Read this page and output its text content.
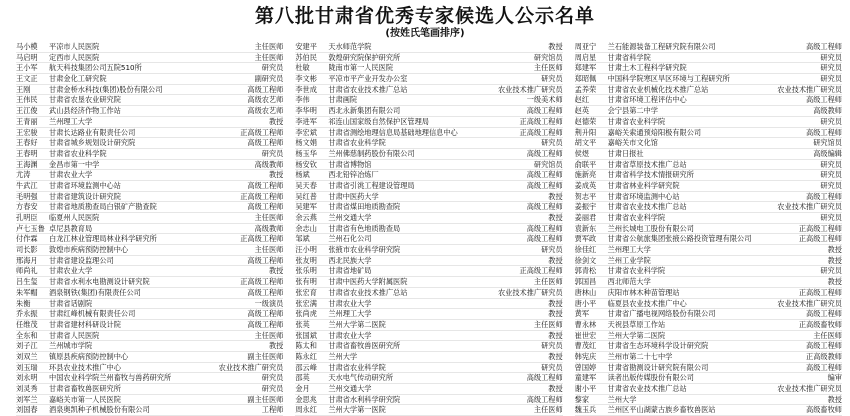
第八批甘肃省优秀专家候选人公示名单
(按姓氏笔画排序)
马小模	平凉市人民医院	主任医师
马启明	定西市人民医院	主任医师
王小军	航天科技集团公司五院510所	研究员
王文正	甘肃金化工研究院	副研究员
王刚	甘肃金桥水科技(集团)股份有限公司	高级工程师
王伟民	甘肃省农垦农业研究院	高级农艺师
王江俊	武山县经济作物工作站	高级农艺师
王青丽	兰州理工大学	教授
王宏骏	甘肃长达路业有限责任公司	正高级工程师
王春好	甘肃省城乡规划设计研究院	高级工程师
王春明	甘肃省农业科学院	研究员
王海渊	金昌市第一中学	高级教师
尤涛	甘肃农业大学	教授
牛武江	甘肃省环境监测中心站	高级工程师
毛明强	甘肃省建筑设计研究院	正高级工程师
方春安	甘肃省地质勘查局白银矿产勘查院	高级工程师
孔明臣	临夏州人民医院	主任医师
卢七玉鲁 卓尼县教育局	高级教师
付作霖	白龙江林业管理局林业科学研究所	正高级工程师
司长影	敦煌市疾病预防控制中心	主任医师
邢海月	甘肃省建设监理公司	高级工程师
师尚礼	甘肃农业大学	教授
吕生玺	甘肃省水利水电勘测设计研究院	正高级工程师
朱军帽	酒泉钢铁(集团)有限责任公司	高级工程师
朱衡	甘肃省话剧院	一级演员
乔永振	甘肃红峰机械有限责任公司	高级工程师
任维茂	甘肃省建材科研设计院	高级工程师
全东和	甘肃省人民医院	主任医师
刘子江	兰州城市学院	教授
刘双兰	镇原县疾病预防控制中心	副主任医师
刘玉瑞	环县农业技术推广中心	农业技术推广研究员
刘永明	中国农业科学院兰州畜牧与兽药研究所	研究员
刘灵秀	甘肃省畜牧兽医研究所	研究员
刘军兰	嘉峪关市第一人民医院	副主任医师
刘国春	酒泉奥凯种子机械股份有限公司	工程师
安建平	天水师范学院	教授
苏伯民	敦煌研究院保护研究所	研究馆员
杜敏	陇南市第一人民医院	主任医师
李文彬	平凉市平产业开发办公室	研究员
李世成	甘肃省农业技术推广总站	农业技术推广研究员
李伟	甘肃画院	一级美术师
李华明	西北永新集团有限公司	高级工程师
李进军	祁连山国家级自然保护区管理局	正高级工程师
李宏斌	甘肃省测绘地理信息局基础地理信息中心	正高级工程师
杨文娟	甘肃省农业科学院	研究员
杨玉华	兰州佛慈制药股份有限公司	高级工程师
杨安钦	甘肃省博物馆	研究馆员
杨斌	西北铅锌冶炼厂	高级工程师
吴天春	甘肃省引洮工程建设管理局	高级工程师
吴红普	甘肃中医药大学	教授
吴建军	甘肃省煤田地质勘查院	高级工程师
余云燕	兰州交通大学	教授
余志山	甘肃省有色地质勘查局	高级工程师
邹斌	兰州石化公司	高级工程师
汪小明	张掖市农业科学研究院	研究员
张友明	西北民族大学	教授
张乐明	甘肃省地矿局	正高级工程师
张有明	甘肃中医药大学附属医院	主任医师
张宏育	甘肃省农业技术推广总站	农业技术推广研究员
张宏满	甘肃农业大学	教授
张尚虎	兰州理工大学	教授
张英	兰州大学第二医院	主任医师
张国斌	甘肃农业大学	教授
陈太和	甘肃省畜牧兽医研究所	研究员
陈永红	兰州大学	教授
邵云峰	甘肃省农业科学院	研究员
邵英	天水电气传动研究所	高级工程师
金月	兰州交通大学	教授
金思兆	甘肃省水利科学研究院	高级工程师
周永红	兰州大学第一医院	主任医师
周亚宁	兰石能源装备工程研究院有限公司	高级工程师
周启星	甘肃省科学院	研究员
郑建军	甘肃土木工程科学研究院	研究员
郑昭佩	中国科学院寒区旱区环境与工程研究所	研究员
孟养荣	甘肃省农业机械化技术推广总站	农业技术推广研究员
赵红	甘肃省环境工程评估中心	高级工程师
赵英	会宁县第二中学	高级教师
赵德荣	甘肃省农业科学院	研究员
荆升阳	嘉峪关索通预焙阳极有限公司	高级工程师
胡文平	嘉峪关市文化馆	研究馆员
侯煜	甘肃日报社	高级编辑
俞联平	甘肃省草原技术推广总站	研究员
施新亮	甘肃省科学技术情报研究所	研究员
姜成英	甘肃省林业科学研究院	研究员
贺志平	甘肃省环境监测中心站	高级工程师
姜振宇	甘肃省农业技术推广总站	农业技术推广研究员
姜丽君	甘肃省农业科学院	研究员
袁新东	兰州长城电工股份有限公司	正高级工程师
贾军政	甘肃省公航旅集团张掖公路投资管理有限公司	正高级工程师
徐佳红	兰州理工大学	教授
徐剑文	兰州工业学院	教授
郭青松	甘肃省农业科学院	研究员
郭国昌	西北师范大学	教授
唐林山	庆阳市林木种苗管理站	正高级工程师
唐小平	临夏县农业技术推广中心	农业技术推广研究员
黄军	甘肃省广播电视网络股份有限公司	高级工程师
曹永林	天祝县草原工作站	正高级畜牧师
崔世宏	兰州大学第二医院	主任医师
曹茂红	甘肃省生态环境科学设计研究院	高级工程师
韩宪庆	兰州市第二十七中学	正高级教师
曾国婷	甘肃省勘测设计研究院有限公司	高级工程师
童建军	读者出版传媒股份有限公司	编审
谢小平	甘肃省农业技术推广总站	农业技术推广研究员
黎家	兰州大学	教授
魏玉兵	兰州区平山湖蒙古族乡畜牧兽医站	高级畜牧师
